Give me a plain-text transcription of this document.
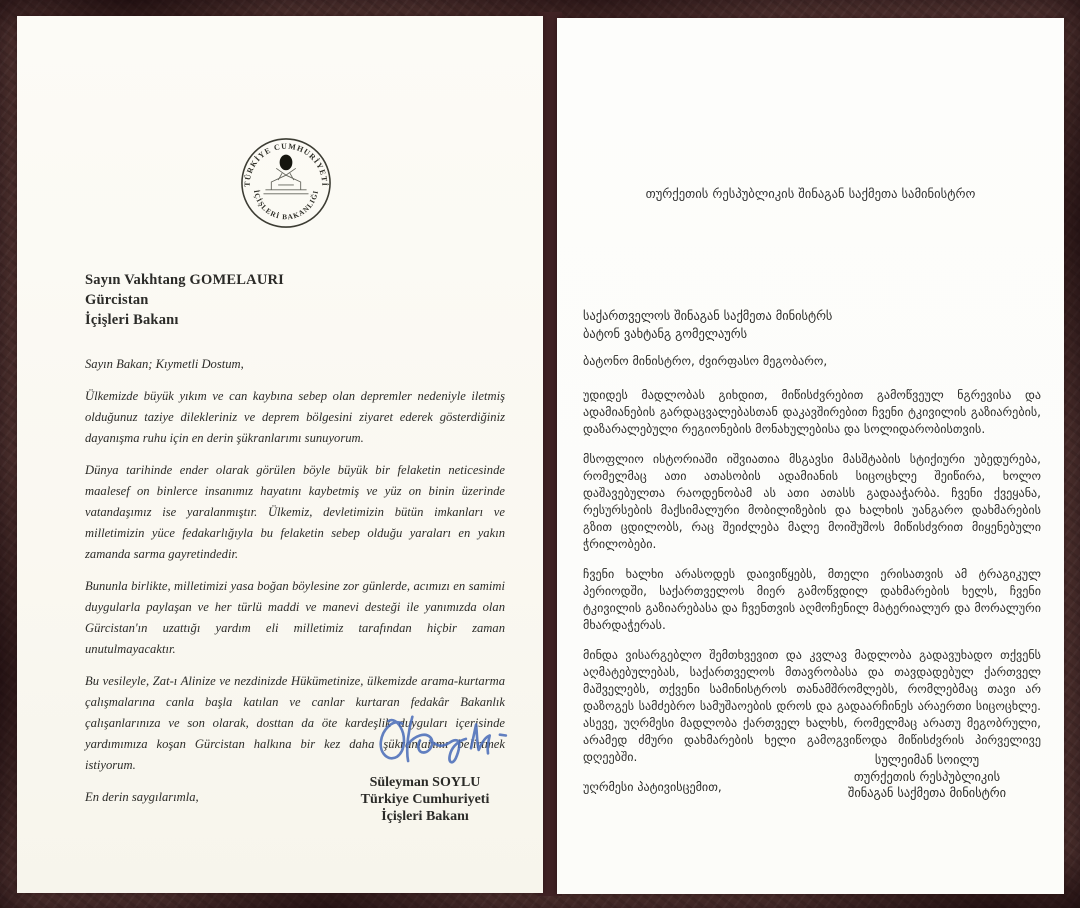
TÜRKİYE CUMHURİYETİ
İÇİŞLERİ BAKANLIĞI
Sayın Vakhtang GOMELAURI
Gürcistan
İçişleri Bakanı
Sayın Bakan; Kıymetli Dostum,

Ülkemizde büyük yıkım ve can kaybına sebep olan depremler nedeniyle iletmiş olduğunuz taziye dilekleriniz ve deprem bölgesini ziyaret ederek gösterdiğiniz dayanışma ruhu için en derin şükranlarımı sunuyorum.

Dünya tarihinde ender olarak görülen böyle büyük bir felaketin neticesinde maalesef on binlerce insanımız hayatını kaybetmiş ve yüz on binin üzerinde vatandaşımız ise yaralanmıştır. Ülkemiz, devletimizin bütün imkanları ve milletimizin yüce fedakarlığıyla bu felaketin sebep olduğu yaraları en yakın zamanda sarma gayretindedir.

Bununla birlikte, milletimizi yasa boğan böylesine zor günlerde, acımızı en samimi duygularla paylaşan ve her türlü maddi ve manevi desteği ile yanımızda olan Gürcistan'ın uzattığı yardım eli milletimiz tarafından hiçbir zaman unutulmayacaktır.

Bu vesileyle, Zat-ı Alinize ve nezdinizde Hükümetinize, ülkemizde arama-kurtarma çalışmalarına canla başla katılan ve canlar kurtaran fedakâr Bakanlık çalışanlarınıza ve son olarak, dosttan da öte kardeşlik duyguları içerisinde yardımımıza koşan Gürcistan halkına bir kez daha şükranlarımı belirtmek istiyorum.

En derin saygılarımla,
Süleyman SOYLU
Türkiye Cumhuriyeti
İçişleri Bakanı
თურქეთის რესპუბლიკის შინაგან საქმეთა სამინისტრო
საქართველოს შინაგან საქმეთა მინისტრს
ბატონ ვახტანგ გომელაურს
ბატონო მინისტრო, ძვირფასო მეგობარო,

უდიდეს მადლობას გიხდით, მიწისძვრებით გამოწვეულ ნგრევისა და ადამიანების გარდაცვალებასთან დაკავშირებით ჩვენი ტკივილის გაზიარების, დაზარალებული რეგიონების მონახულებისა და სოლიდარობისთვის.

მსოფლიო ისტორიაში იშვიათია მსგავსი მასშტაბის სტიქიური უბედურება, რომელმაც ათი ათასობის ადამიანის სიცოცხლე შეიწირა, ხოლო დაშავებულთა რაოდენობამ ას ათი ათასს გადააჭარბა. ჩვენი ქვეყანა, რესურსების მაქსიმალური მობილიზების და ხალხის უანგარო დახმარების გზით ცდილობს, რაც შეიძლება მალე მოიშუშოს მიწისძვრით მიყენებული ჭრილობები.

ჩვენი ხალხი არასოდეს დაივიწყებს, მთელი ერისათვის ამ ტრაგიკულ პერიოდში, საქართველოს მიერ გამოწვდილ დახმარების ხელს, ჩვენი ტკივილის გაზიარებასა და ჩვენთვის აღმოჩენილ მატერიალურ და მორალური მხარდაჭერას.

მინდა ვისარგებლო შემთხვევით და კვლავ მადლობა გადავუხადო თქვენს აღმატებულებას, საქართველოს მთავრობასა და თავდადებულ ქართველ მაშველებს, თქვენი სამინისტროს თანამშრომლებს, რომლებმაც თავი არ დაზოგეს სამძებრო სამუშაოების დროს და გადაარჩინეს არაერთი სიცოცხლე. ასევე, უღრმესი მადლობა ქართველ ხალხს, რომელმაც არათუ მეგობრული, არამედ ძმური დახმარების ხელი გამოგვიწოდა მიწისძვრის პირველივე დღეებში.

უღრმესი პატივისცემით,
სულეიმან სოილუ
თურქეთის რესპუბლიკის
შინაგან საქმეთა მინისტრი
